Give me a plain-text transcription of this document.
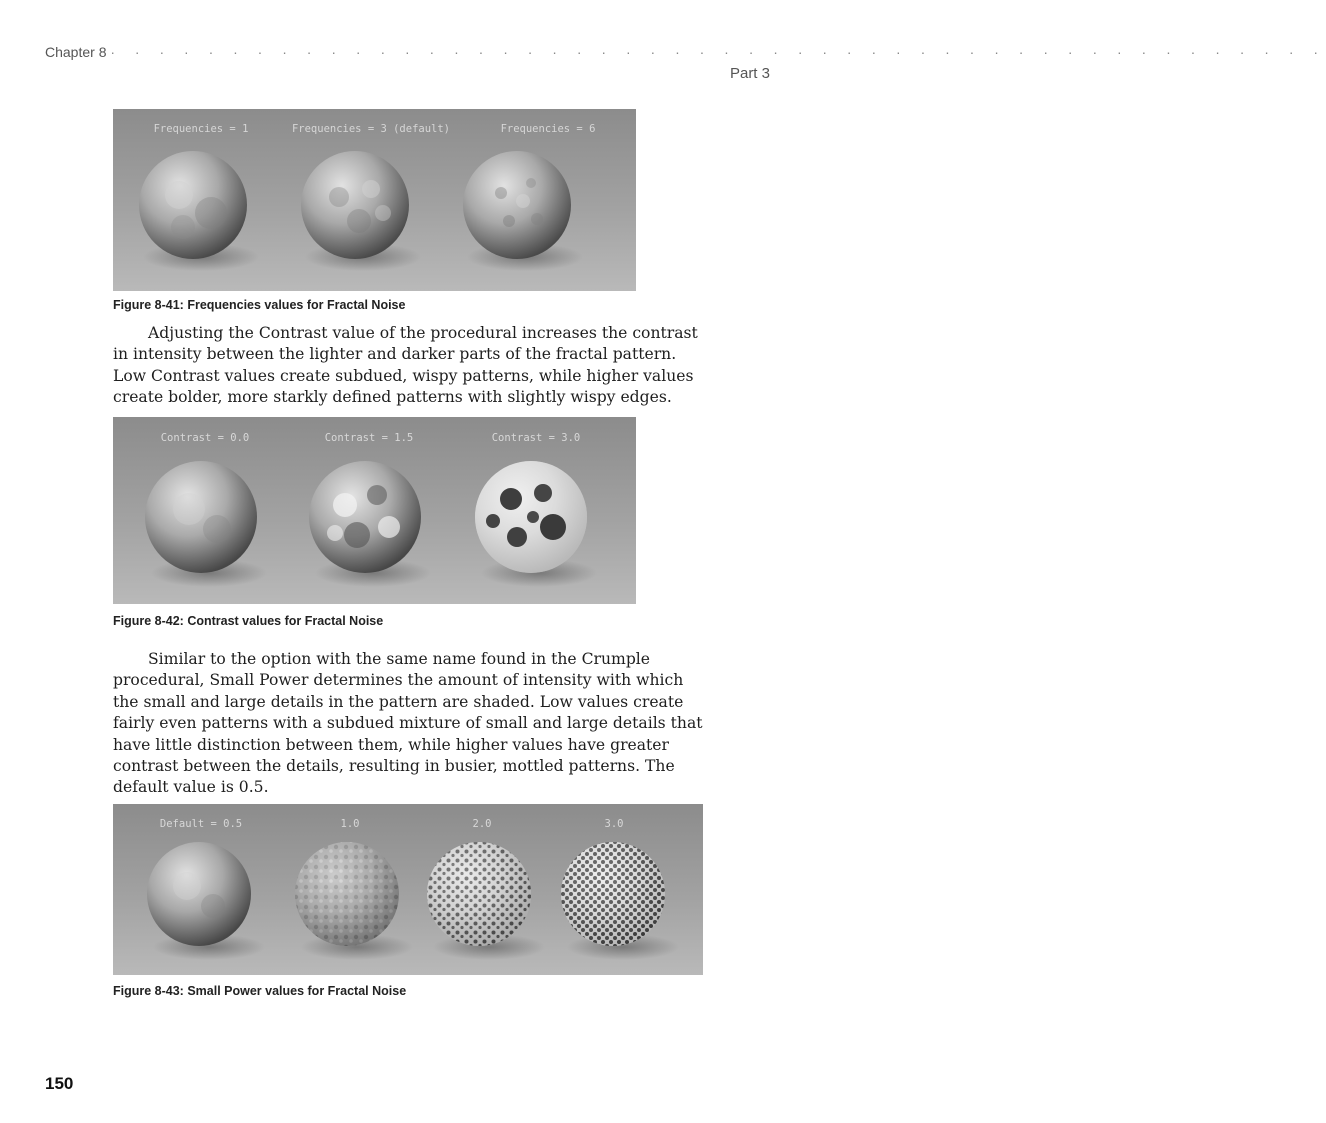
Chapter 8 · · · · · · · · · · · · · · · · · · · · · · · · · · · · · · · · · · · · · · · · · · · · · · · · · ·
Part 3
Frequencies = 1	Frequencies = 3 (default)	Frequencies = 6
Figure 8-41: Frequencies values for Fractal Noise

Adjusting the Contrast value of the procedural increases the contrast in intensity between the lighter and darker parts of the fractal pattern. Low Contrast values create subdued, wispy patterns, while higher values create bolder, more starkly defined patterns with slightly wispy edges.

Contrast = 0.0	Contrast = 1.5	Contrast = 3.0
Figure 8-42: Contrast values for Fractal Noise

Similar to the option with the same name found in the Crumple procedural, Small Power determines the amount of intensity with which the small and large details in the pattern are shaded. Low values create fairly even patterns with a subdued mixture of small and large details that have little distinction between them, while higher values have greater contrast between the details, resulting in busier, mottled patterns. The default value is 0.5.

Default = 0.5	1.0	2.0	3.0
Figure 8-43: Small Power values for Fractal Noise
150
